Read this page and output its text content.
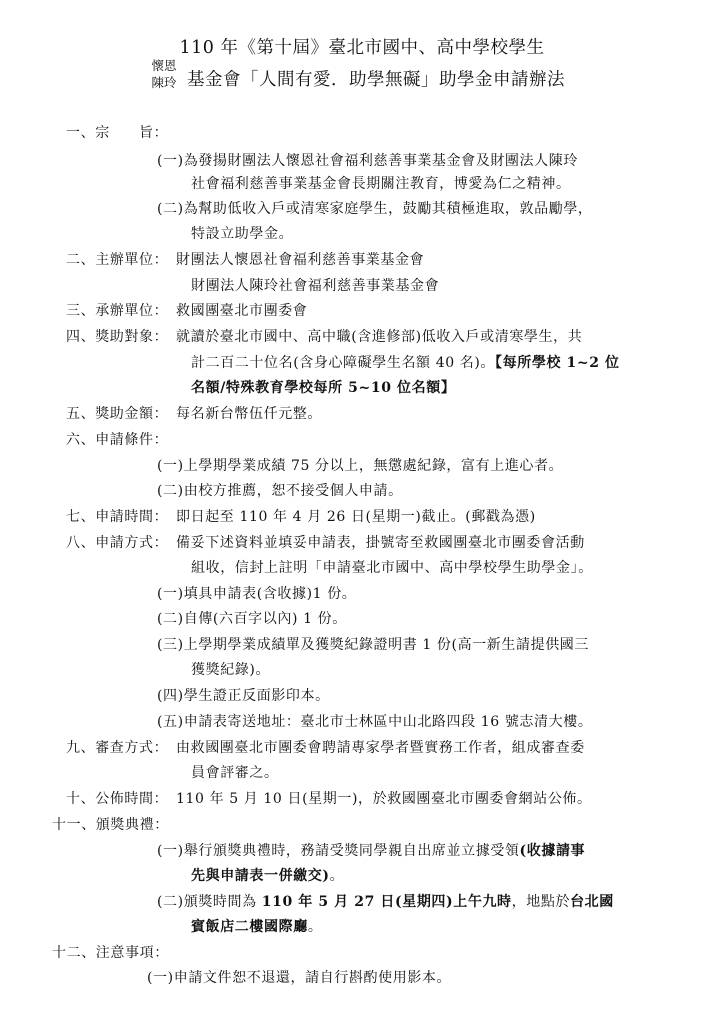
110 年《第十屆》臺北市國中、高中學校學生
懷恩
陳玲 基金會「人間有愛．助學無礙」助學金申請辦法
一、宗　　旨：
(一)為發揚財團法人懷恩社會福利慈善事業基金會及財團法人陳玲
社會福利慈善事業基金會長期關注教育，博愛為仁之精神。
(二)為幫助低收入戶或清寒家庭學生，鼓勵其積極進取，敦品勵學，
特設立助學金。
二、主辦單位： 財團法人懷恩社會福利慈善事業基金會
財團法人陳玲社會福利慈善事業基金會
三、承辦單位： 救國團臺北市團委會
四、獎助對象： 就讀於臺北市國中、高中職(含進修部)低收入戶或清寒學生，共
計二百二十位名(含身心障礙學生名額 40 名)。【每所學校 1~2 位
名額/特殊教育學校每所 5~10 位名額】
五、獎助金額： 每名新台幣伍仟元整。
六、申請條件：
(一)上學期學業成績 75 分以上，無懲處紀錄，富有上進心者。
(二)由校方推薦，恕不接受個人申請。
七、申請時間： 即日起至 110 年 4 月 26 日(星期一)截止。(郵戳為憑)
八、申請方式： 備妥下述資料並填妥申請表，掛號寄至救國團臺北市團委會活動
組收，信封上註明「申請臺北市國中、高中學校學生助學金」。
(一)填具申請表(含收據)1 份。
(二)自傳(六百字以內) 1 份。
(三)上學期學業成績單及獲獎紀錄證明書 1 份(高一新生請提供國三
獲獎紀錄)。
(四)學生證正反面影印本。
(五)申請表寄送地址：臺北市士林區中山北路四段 16 號志清大樓。
九、審查方式： 由救國團臺北市團委會聘請專家學者暨實務工作者，組成審查委
員會評審之。
十、公佈時間： 110 年 5 月 10 日(星期一)，於救國團臺北市團委會網站公佈。
十一、頒獎典禮：
(一)舉行頒獎典禮時，務請受獎同學親自出席並立據受領(收據請事
先與申請表一併繳交)。
(二)頒獎時間為 110 年 5 月 27 日(星期四)上午九時，地點於台北國
賓飯店二樓國際廳。
十二、注意事項：
(一)申請文件恕不退還，請自行斟酌使用影本。
